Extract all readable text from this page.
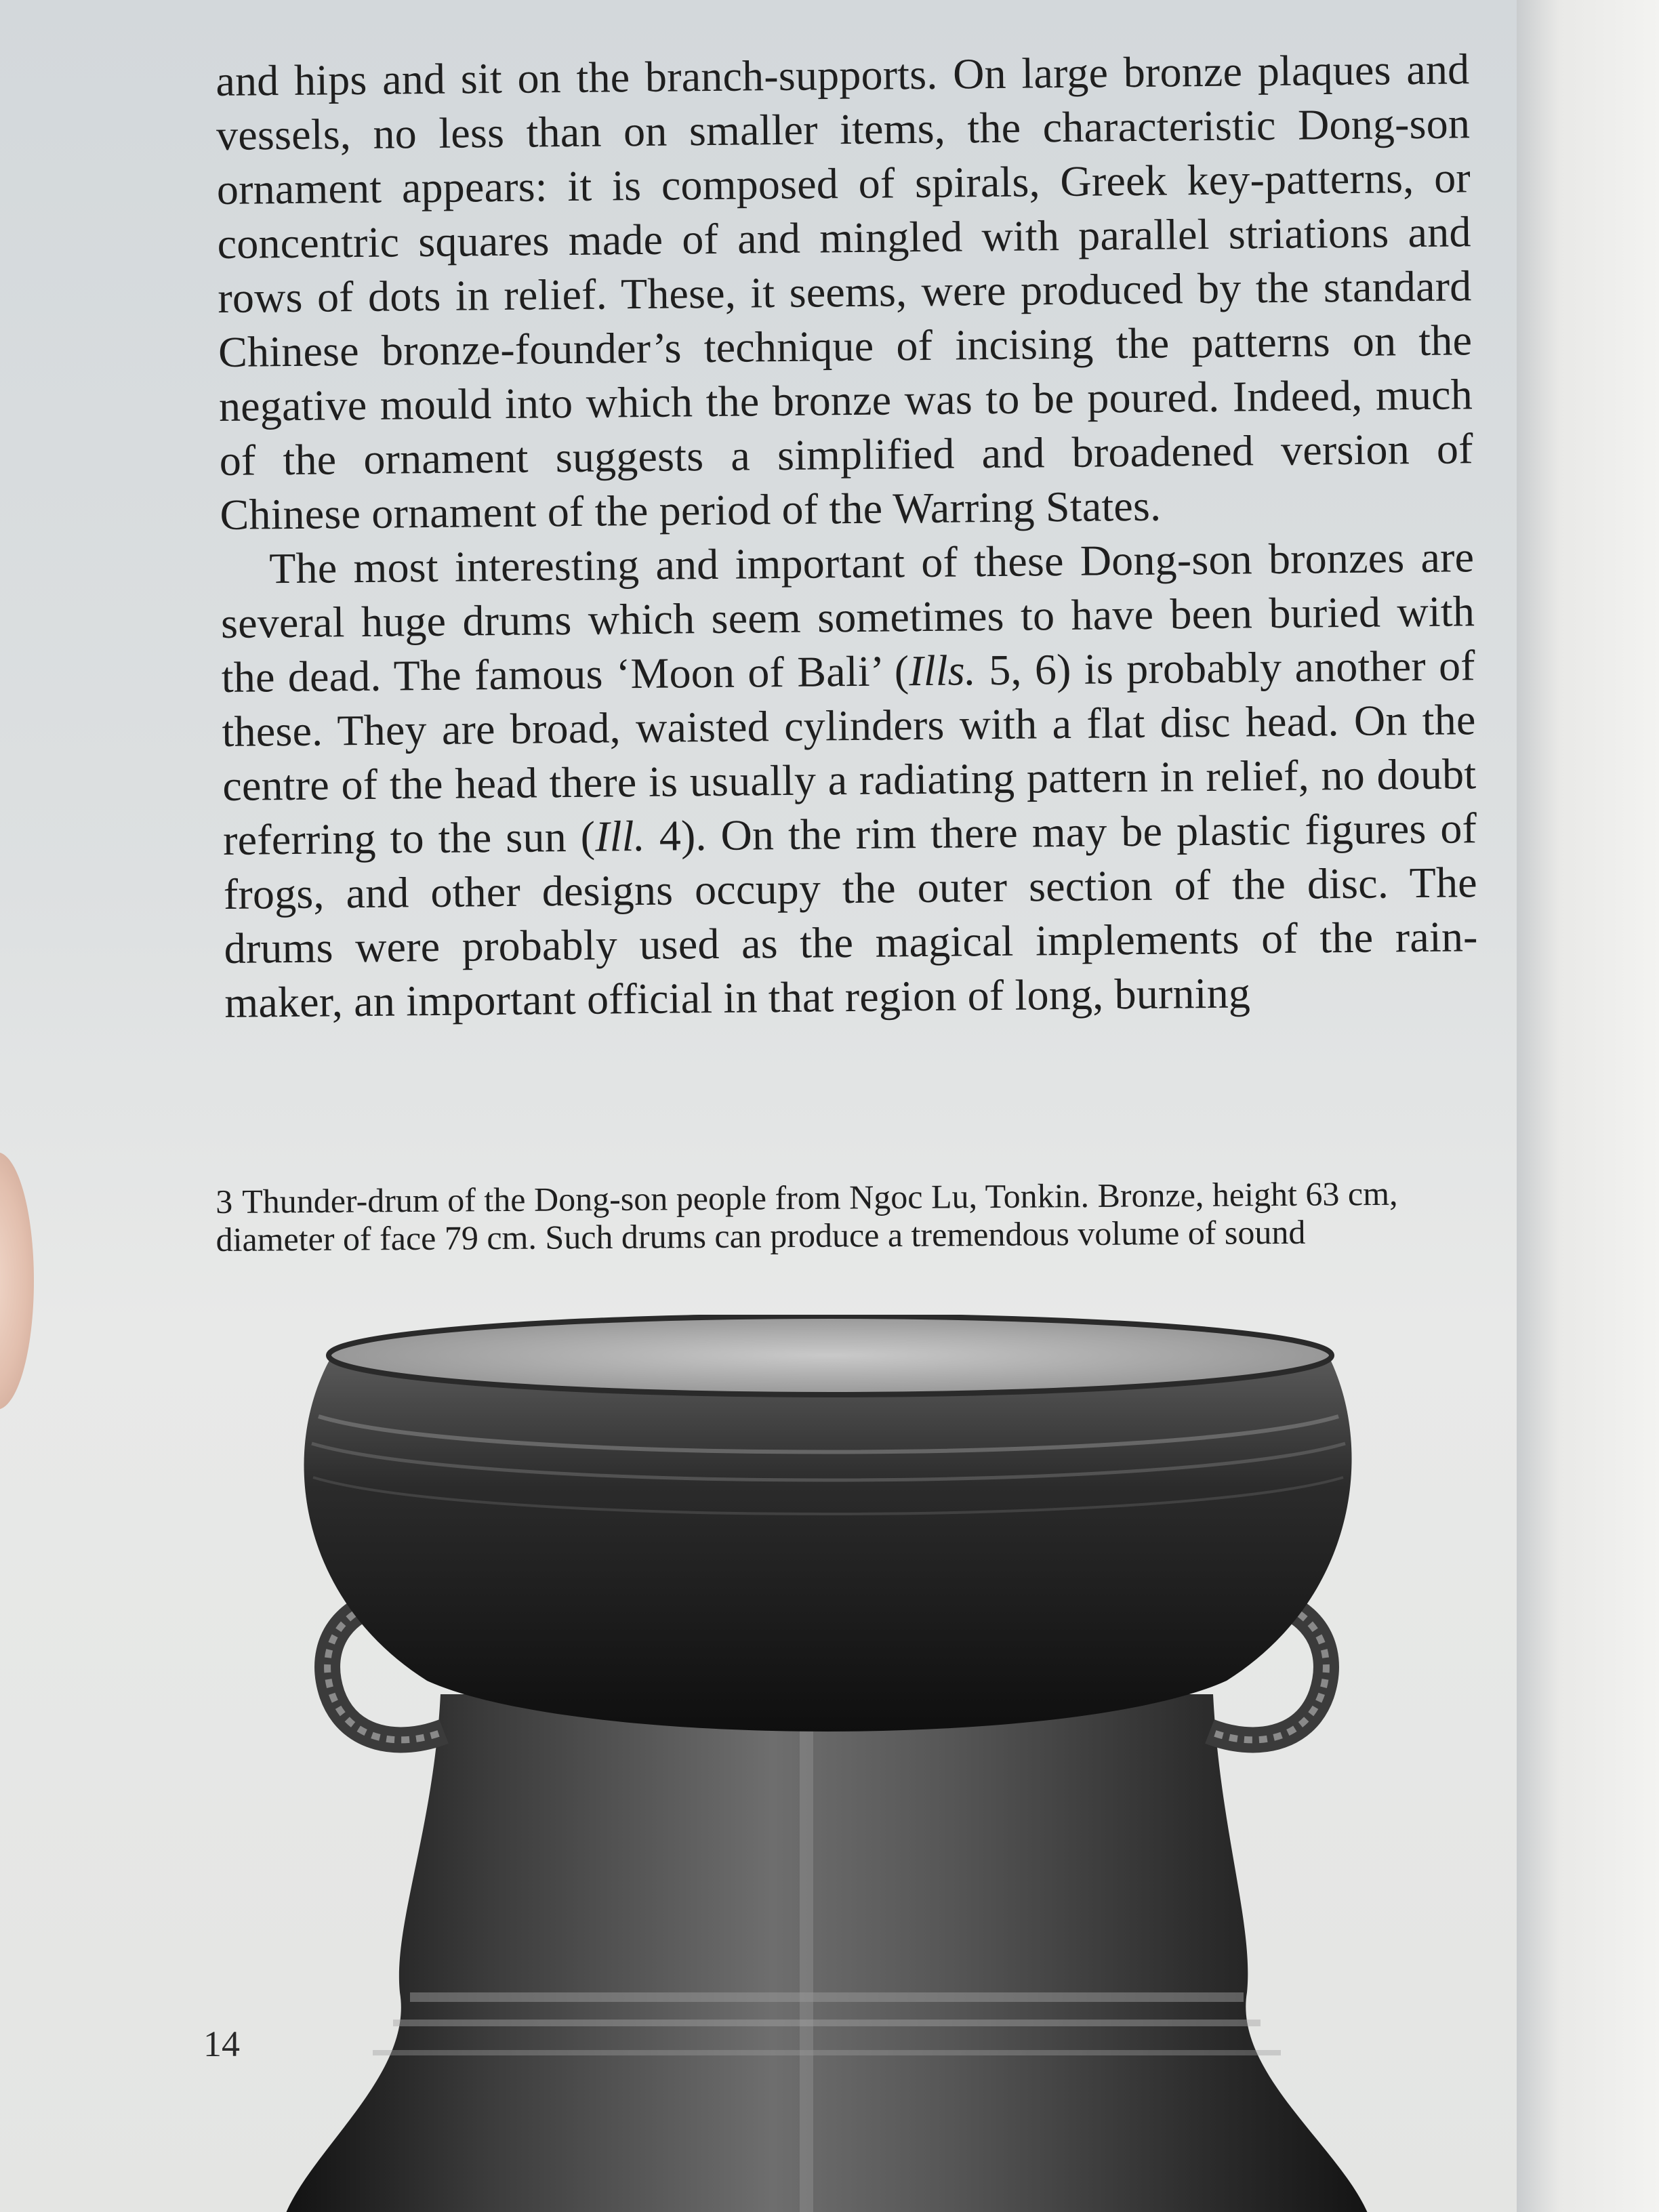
and hips and sit on the branch-supports. On large bronze plaques and vessels, no less than on smaller items, the characteristic Dong-son ornament appears: it is composed of spirals, Greek key-patterns, or concentric squares made of and mingled with parallel striations and rows of dots in relief. These, it seems, were produced by the standard Chinese bronze-founder’s technique of incising the patterns on the negative mould into which the bronze was to be poured. Indeed, much of the ornament suggests a simplified and broadened version of Chinese ornament of the period of the Warring States.

The most interesting and important of these Dong-son bronzes are several huge drums which seem sometimes to have been buried with the dead. The famous ‘Moon of Bali’ (Ills. 5, 6) is probably another of these. They are broad, waisted cylinders with a flat disc head. On the centre of the head there is usually a radiating pattern in relief, no doubt referring to the sun (Ill. 4). On the rim there may be plastic figures of frogs, and other designs occupy the outer section of the disc. The drums were probably used as the magical implements of the rain-maker, an important official in that region of long, burning

3 Thunder-drum of the Dong-son people from Ngoc Lu, Tonkin. Bronze, height 63 cm, diameter of face 79 cm. Such drums can produce a tremendous volume of sound

14
